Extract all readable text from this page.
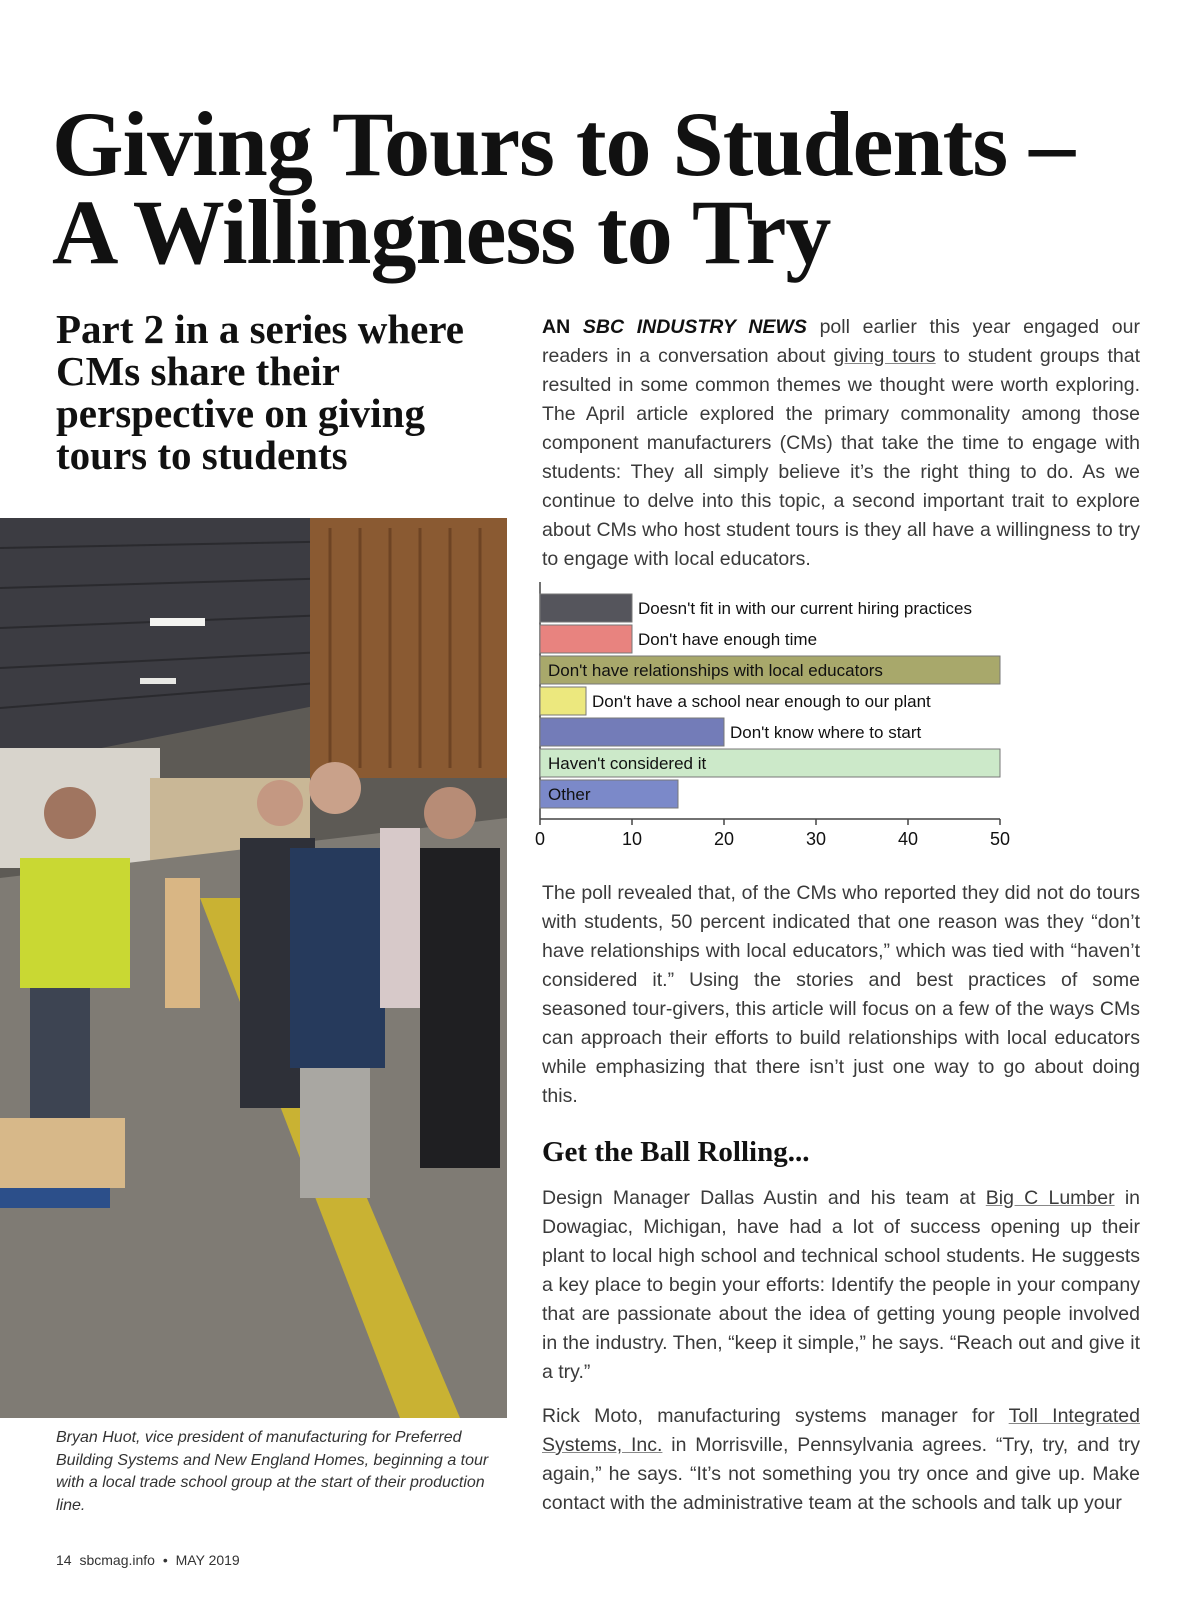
Giving Tours to Students –
A Willingness to Try
Part 2 in a series where CMs share their perspective on giving tours to students

Bryan Huot, vice president of manufacturing for Preferred Building Systems and New England Homes, beginning a tour with a local trade school group at the start of their production line.

14 sbcmag.info • MAY 2019

AN SBC INDUSTRY NEWS poll earlier this year engaged our readers in a conversation about giving tours to student groups that resulted in some common themes we thought were worth exploring. The April article explored the primary commonality among those component manufacturers (CMs) that take the time to engage with students: They all simply believe it’s the right thing to do. As we continue to delve into this topic, a second important trait to explore about CMs who host student tours is they all have a willingness to try to engage with local educators.

Doesn't fit in with our current hiring practices
Don't have enough time
Don't have relationships with local educators
Don't have a school near enough to our plant
Don't know where to start
Haven't considered it
Other
0	10	20	30	40	50

The poll revealed that, of the CMs who reported they did not do tours with students, 50 percent indicated that one reason was they “don’t have relationships with local educators,” which was tied with “haven’t considered it.” Using the stories and best practices of some seasoned tour-givers, this article will focus on a few of the ways CMs can approach their efforts to build relationships with local educators while emphasizing that there isn’t just one way to go about doing this.

Get the Ball Rolling...

Design Manager Dallas Austin and his team at Big C Lumber in Dowagiac, Michigan, have had a lot of success opening up their plant to local high school and technical school students. He suggests a key place to begin your efforts: Identify the people in your company that are passionate about the idea of getting young people involved in the industry. Then, “keep it simple,” he says. “Reach out and give it a try.”

Rick Moto, manufacturing systems manager for Toll Integrated Systems, Inc. in Morrisville, Pennsylvania agrees. “Try, try, and try again,” he says. “It’s not something you try once and give up. Make contact with the administrative team at the schools and talk up your
